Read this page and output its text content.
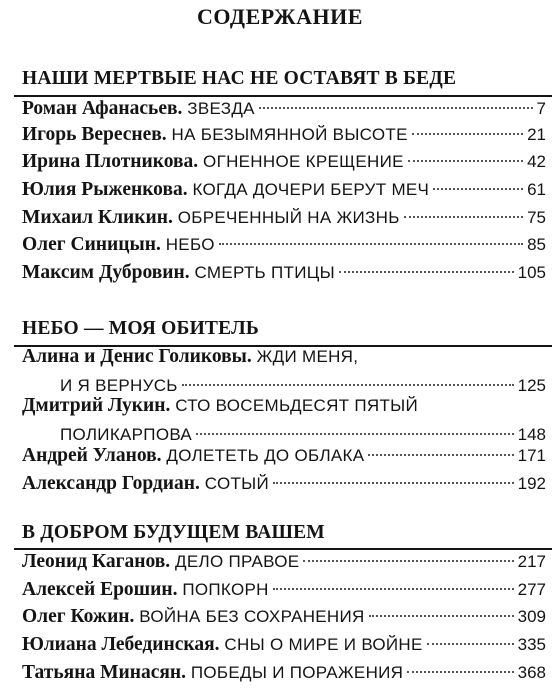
СОДЕРЖАНИЕ
НАШИ МЕРТВЫЕ НАС НЕ ОСТАВЯТ В БЕДЕ
Роман Афанасьев.
ЗВЕЗДА	7
Игорь Вереснев.
НА БЕЗЫМЯННОЙ ВЫСОТЕ	21
Ирина Плотникова.
ОГНЕННОЕ КРЕЩЕНИЕ	42
Юлия Рыженкова.
КОГДА ДОЧЕРИ БЕРУТ МЕЧ	61
Михаил Кликин.
ОБРЕЧЕННЫЙ НА ЖИЗНЬ	75
Олег Синицын.
НЕБО	85
Максим Дубровин.
СМЕРТЬ ПТИЦЫ	105
НЕБО — МОЯ ОБИТЕЛЬ
Алина и Денис Голиковы.
ЖДИ МЕНЯ,
И Я ВЕРНУСЬ	125
Дмитрий Лукин.
СТО ВОСЕМЬДЕСЯТ ПЯТЫЙ
ПОЛИКАРПОВА	148
Андрей Уланов.
ДОЛЕТЕТЬ ДО ОБЛАКА	171
Александр Гордиан.
СОТЫЙ	192
В ДОБРОМ БУДУЩЕМ ВАШЕМ
Леонид Каганов.
ДЕЛО ПРАВОЕ	217
Алексей Ерошин.
ПОПКОРН	277
Олег Кожин.
ВОЙНА БЕЗ СОХРАНЕНИЯ	309
Юлиана Лебединская.
СНЫ О МИРЕ И ВОЙНЕ	335
Татьяна Минасян.
ПОБЕДЫ И ПОРАЖЕНИЯ	368
